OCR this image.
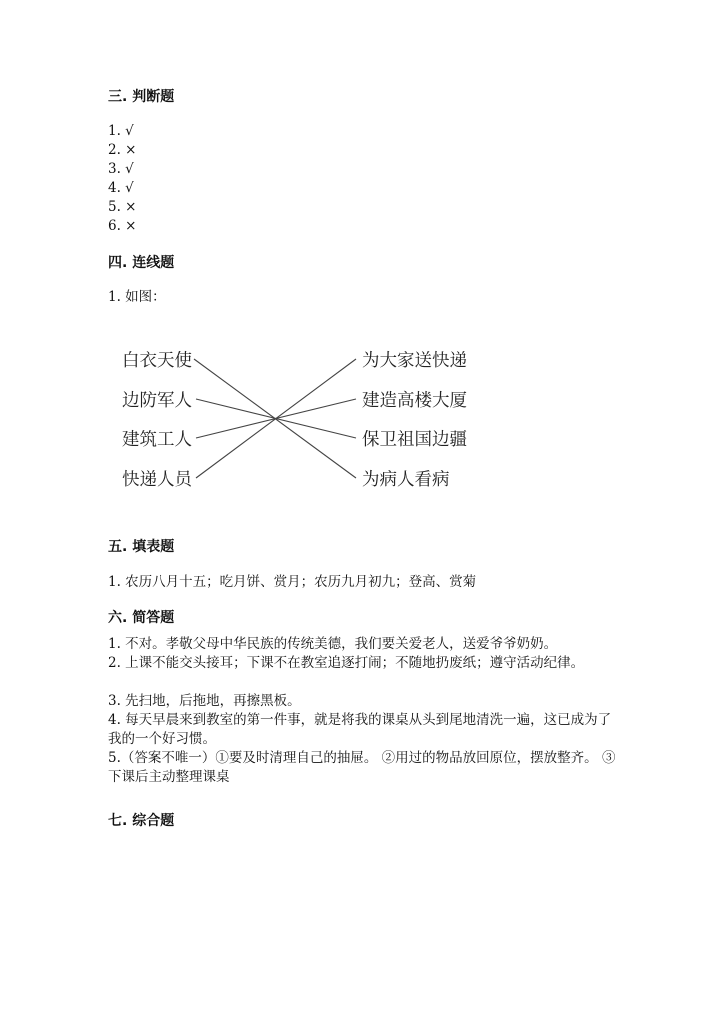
三. 判断题
1. √
2. ×
3. √
4. √
5. ×
6. ×
四. 连线题
1. 如图：
白衣天使
边防军人
建筑工人
快递人员
为大家送快递
建造高楼大厦
保卫祖国边疆
为病人看病
五. 填表题
1. 农历八月十五；吃月饼、赏月；农历九月初九；登高、赏菊
六. 简答题
1. 不对。孝敬父母中华民族的传统美德，我们要关爱老人，送爱爷爷奶奶。
2. 上课不能交头接耳；下课不在教室追逐打闹；不随地扔废纸；遵守活动纪律。
3. 先扫地，后拖地，再擦黑板。
4. 每天早晨来到教室的第一件事，就是将我的课桌从头到尾地清洗一遍，这已成为了我的一个好习惯。
5.（答案不唯一）①要及时清理自己的抽屉。 ②用过的物品放回原位，摆放整齐。 ③下课后主动整理课桌
七. 综合题
